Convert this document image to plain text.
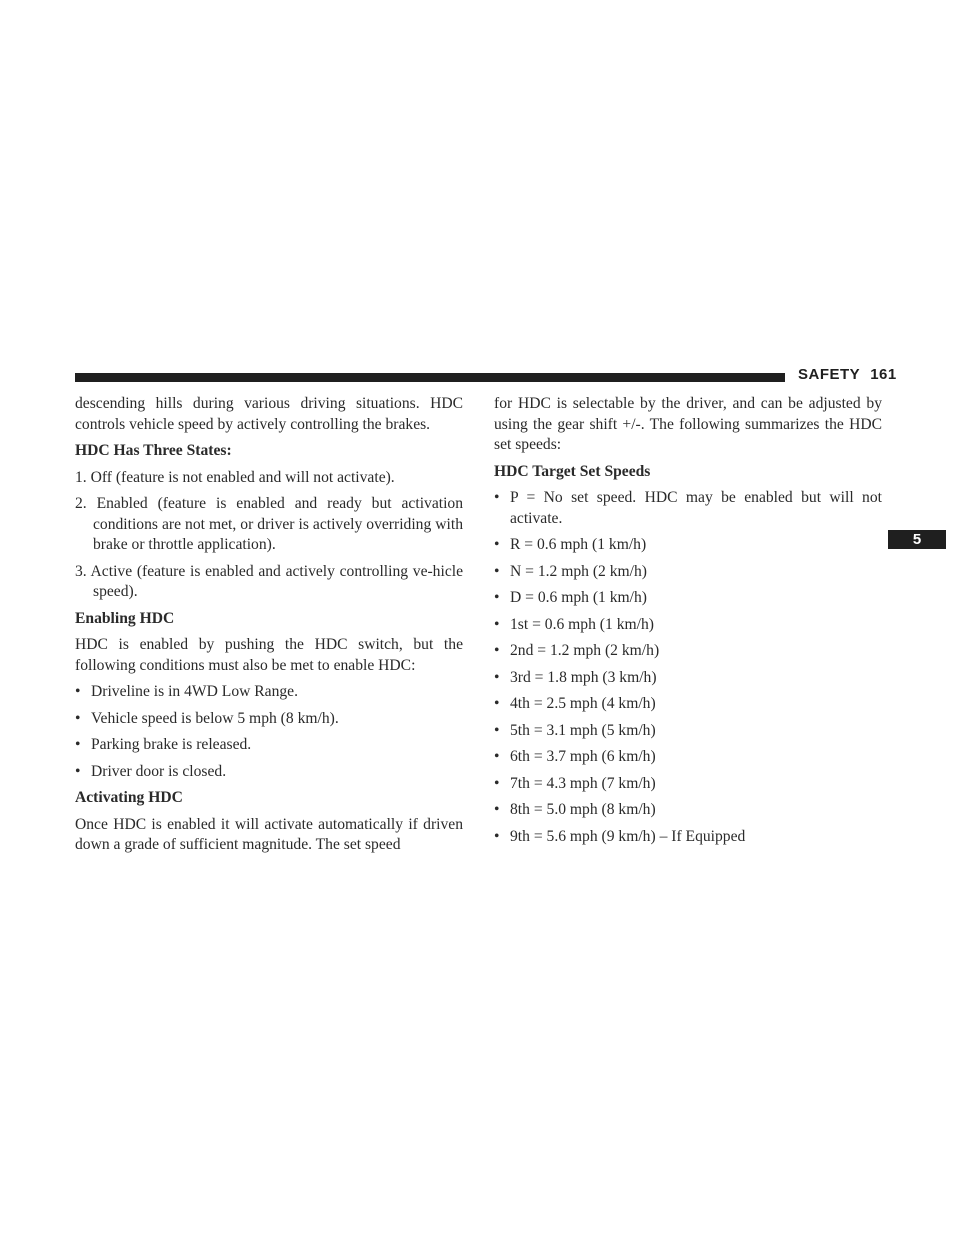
SAFETY 161
5

descending hills during various driving situations. HDC controls vehicle speed by actively controlling the brakes.

HDC Has Three States:
1. Off (feature is not enabled and will not activate).
2. Enabled (feature is enabled and ready but activation conditions are not met, or driver is actively overriding with brake or throttle application).
3. Active (feature is enabled and actively controlling ve-hicle speed).
Enabling HDC

HDC is enabled by pushing the HDC switch, but the following conditions must also be met to enable HDC:

• Driveline is in 4WD Low Range.
• Vehicle speed is below 5 mph (8 km/h).
• Parking brake is released.
• Driver door is closed.
Activating HDC

Once HDC is enabled it will activate automatically if driven down a grade of sufficient magnitude. The set speed

for HDC is selectable by the driver, and can be adjusted by using the gear shift +/-. The following summarizes the HDC set speeds:

HDC Target Set Speeds
• P = No set speed. HDC may be enabled but will not activate.
• R = 0.6 mph (1 km/h)
• N = 1.2 mph (2 km/h)
• D = 0.6 mph (1 km/h)
• 1st = 0.6 mph (1 km/h)
• 2nd = 1.2 mph (2 km/h)
• 3rd = 1.8 mph (3 km/h)
• 4th = 2.5 mph (4 km/h)
• 5th = 3.1 mph (5 km/h)
• 6th = 3.7 mph (6 km/h)
• 7th = 4.3 mph (7 km/h)
• 8th = 5.0 mph (8 km/h)
• 9th = 5.6 mph (9 km/h) – If Equipped
